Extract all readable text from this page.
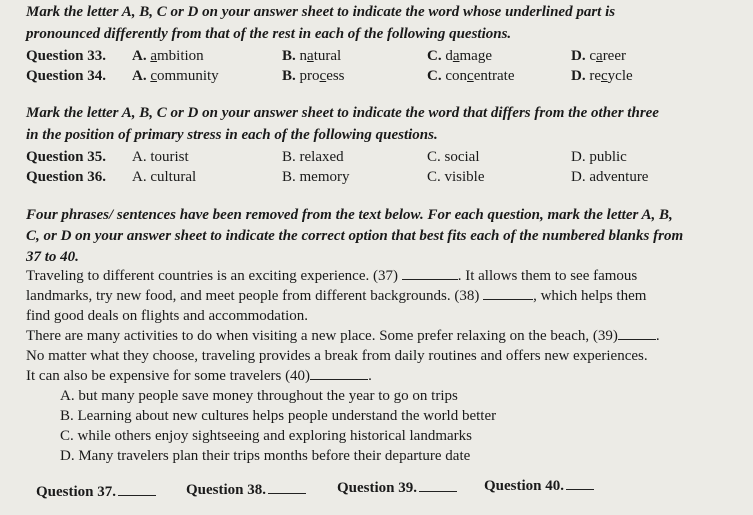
Mark the letter A, B, C or D on your answer sheet to indicate the word whose underlined part is
pronounced differently from that of the rest in each of the following questions.
Question 33. A. ambition	B. natural	C. damage	D. career
Question 34. A. community	B. process	C. concentrate	D. recycle
Mark the letter A, B, C or D on your answer sheet to indicate the word that differs from the other three
in the position of primary stress in each of the following questions.
Question 35. A. tourist	B. relaxed	C. social	D. public
Question 36. A. cultural	B. memory	C. visible	D. adventure
Four phrases/ sentences have been removed from the text below. For each question, mark the letter A, B,
C, or D on your answer sheet to indicate the correct option that best fits each of the numbered blanks from
37 to 40.
Traveling to different countries is an exciting experience. (37)	. It allows them to see famous
landmarks, try new food, and meet people from different backgrounds. (38)	, which helps them
find good deals on flights and accommodation.
There are many activities to do when visiting a new place. Some prefer relaxing on the beach, (39)	.
No matter what they choose, traveling provides a break from daily routines and offers new experiences.
It can also be expensive for some travelers (40)	.
A. but many people save money throughout the year to go on trips
B. Learning about new cultures helps people understand the world better
C. while others enjoy sightseeing and exploring historical landmarks
D. Many travelers plan their trips months before their departure date
Question 37.	Question 38.	Question 39.	Question 40.
